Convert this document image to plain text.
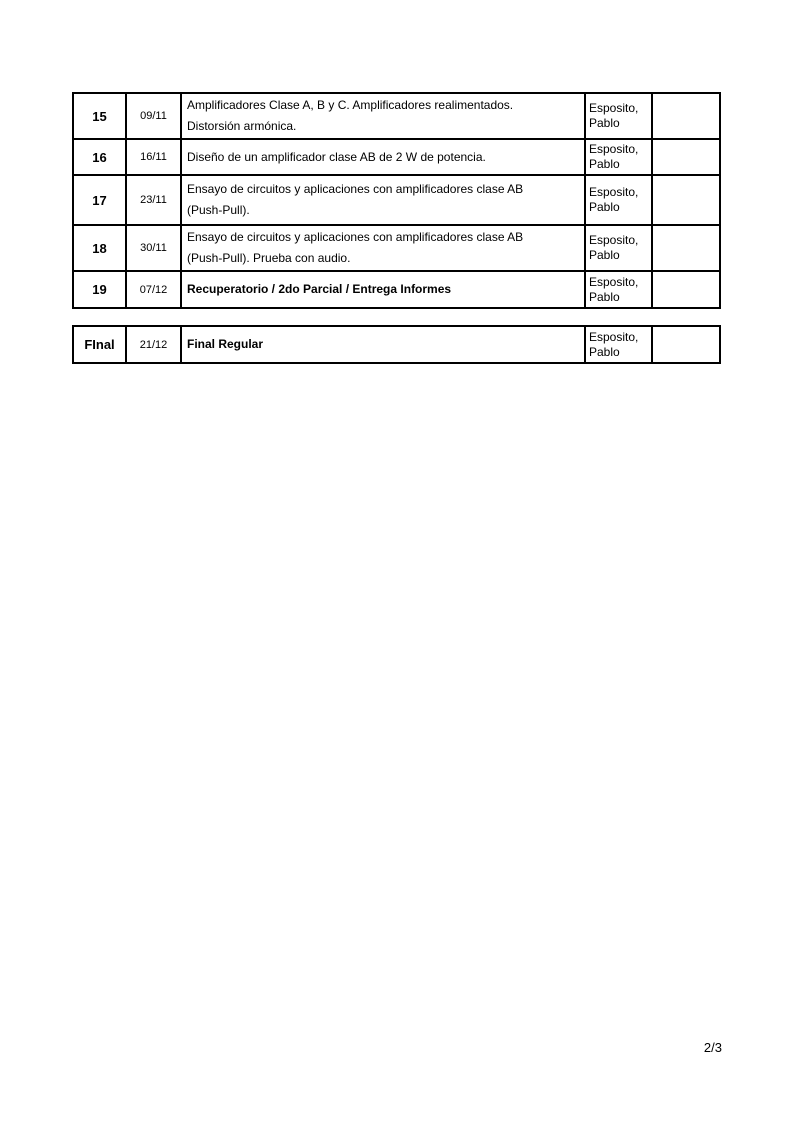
15	09/11	Amplificadores Clase A, B y C. Amplificadores realimentados.
Distorsión armónica.	Esposito, Pablo	
16	16/11	Diseño de un amplificador clase AB de 2 W de potencia.	Esposito, Pablo	
17	23/11	Ensayo de circuitos y aplicaciones con amplificadores clase AB
(Push-Pull).	Esposito, Pablo	
18	30/11	Ensayo de circuitos y aplicaciones con amplificadores clase AB
(Push-Pull). Prueba con audio.	Esposito, Pablo	
19	07/12	Recuperatorio / 2do Parcial / Entrega Informes	Esposito, Pablo	
FInal	21/12	Final Regular
	Esposito, Pablo	
2/3
